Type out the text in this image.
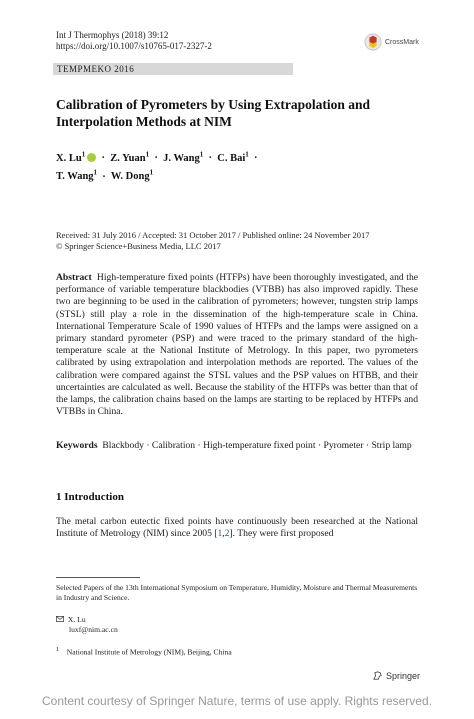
Int J Thermophys (2018) 39:12
https://doi.org/10.1007/s10765-017-2327-2	CrossMark
TEMPMEKO 2016
Calibration of Pyrometers by Using Extrapolation and Interpolation Methods at NIM
X. Lu$^1$  ·  Z. Yuan$^1$  ·  J. Wang$^1$  ·  C. Bai$^1$  ·
T. Wang$^1$  ·  W. Dong$^1$
Received: 31 July 2016 / Accepted: 31 October 2017 / Published online: 24 November 2017
© Springer Science+Business Media, LLC 2017
Abstract High-temperature fixed points (HTFPs) have been thoroughly investigated, and the performance of variable temperature blackbodies (VTBB) has also improved rapidly. These two are beginning to be used in the calibration of pyrometers; however, tungsten strip lamps (STSL) still play a role in the dissemination of the high-temperature scale in China. International Temperature Scale of 1990 values of HTFPs and the lamps were assigned on a primary standard pyrometer (PSP) and were traced to the primary standard of the high-temperature scale at the National Institute of Metrology. In this paper, two pyrometers calibrated by using extrapolation and interpolation methods are reported. The values of the calibration were compared against the STSL values and the PSP values on HTBB, and their uncertainties are calculated as well. Because the stability of the HTFPs was better than that of the lamps, the calibration chains based on the lamps are starting to be replaced by HTFPs and VTBBs in China.
Keywords Blackbody · Calibration · High-temperature fixed point · Pyrometer · Strip lamp
1 Introduction
The metal carbon eutectic fixed points have continuously been researched at the National Institute of Metrology (NIM) since 2005 [1,2]. They were first proposed
Selected Papers of the 13th International Symposium on Temperature, Humidity, Moisture and Thermal Measurements in Industry and Science.
X. Lu
luxf@nim.ac.cn
$^1$ National Institute of Metrology (NIM), Beijing, China
Springer
Content courtesy of Springer Nature, terms of use apply. Rights reserved.
